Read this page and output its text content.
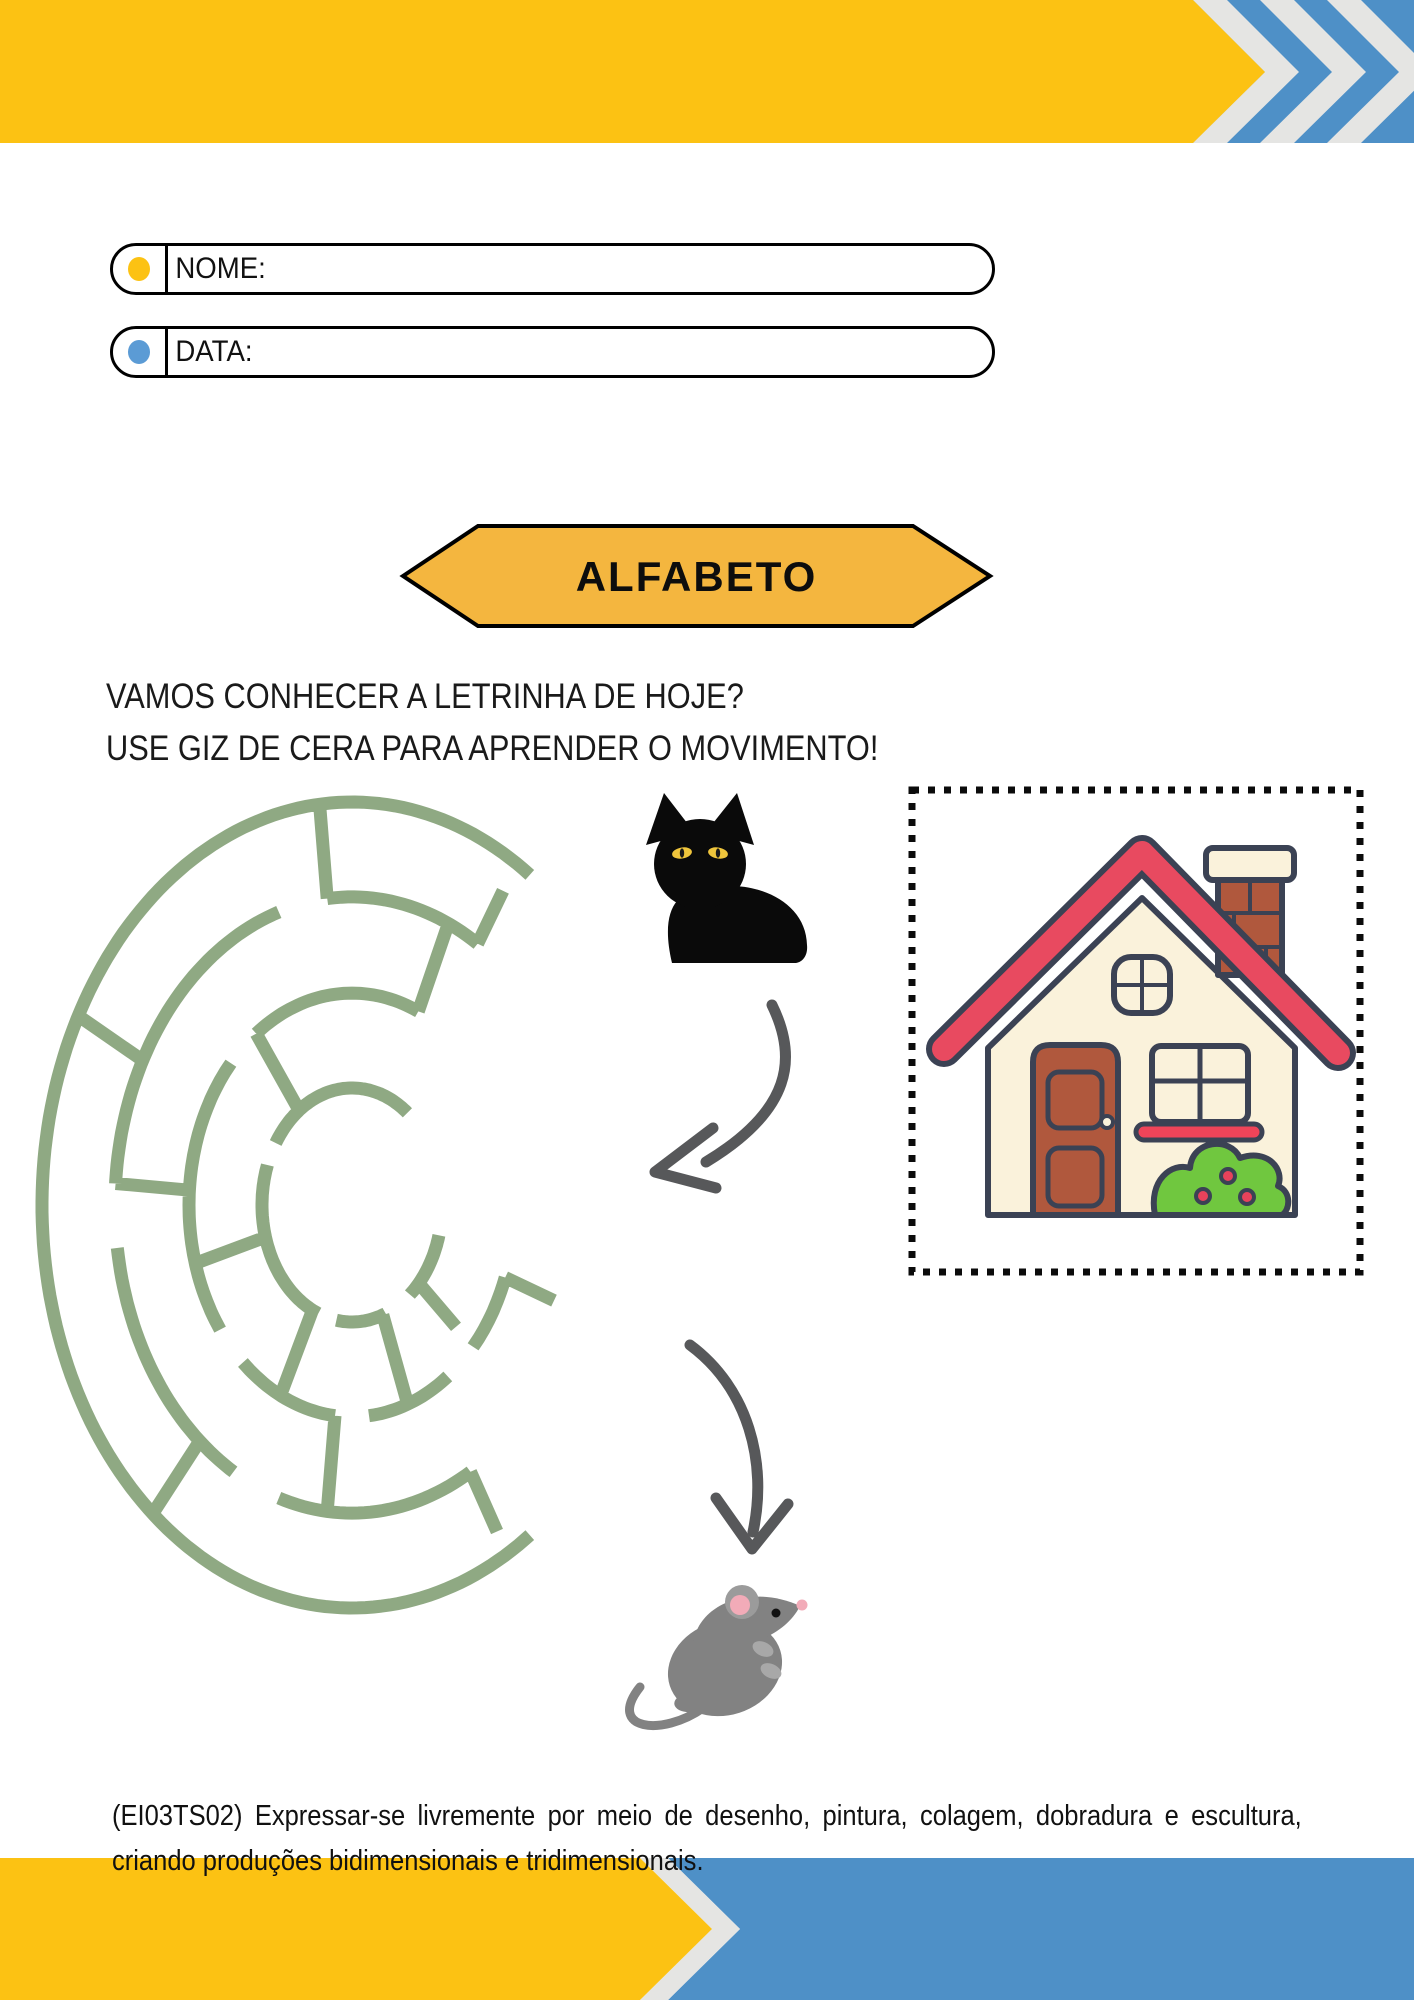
NOME:
DATA:
ALFABETO
VAMOS CONHECER A LETRINHA DE HOJE?
USE GIZ DE CERA PARA APRENDER O MOVIMENTO!

(EI03TS02) Expressar-se livremente por meio de desenho, pintura, colagem, dobradura e escultura, criando produções bidimensionais e tridimensionais.
